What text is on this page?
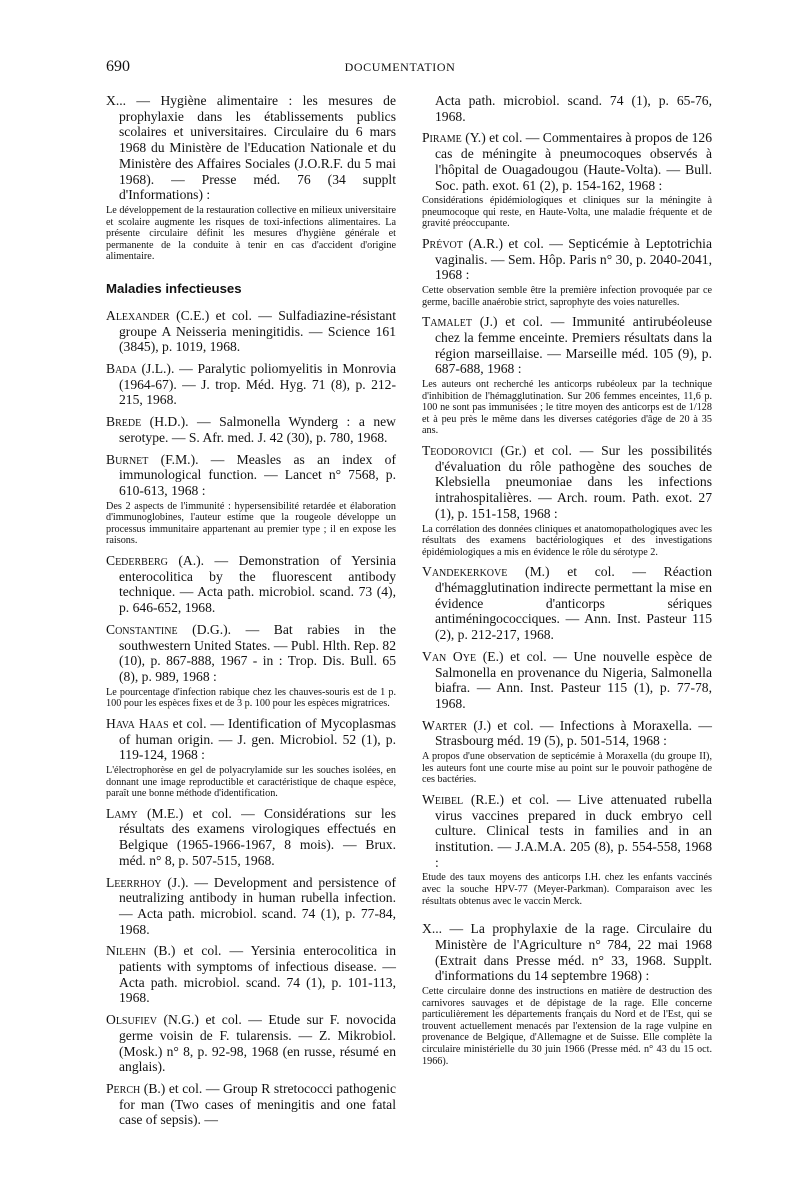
690	DOCUMENTATION

X... — Hygiène alimentaire : les mesures de prophylaxie dans les établissements publics scolaires et universitaires. Circulaire du 6 mars 1968 du Ministère de l'Education Nationale et du Ministère des Affaires Sociales (J.O.R.F. du 5 mai 1968). — Presse méd. 76 (34 supplt d'Informations) :

Le développement de la restauration collective en milieux universitaire et scolaire augmente les risques de toxi-infections alimentaires. La présente circulaire définit les mesures d'hygiène générale et permanente de la conduite à tenir en cas d'accident d'origine alimentaire.

Maladies infectieuses

Alexander (C.E.) et col. — Sulfadiazine-résistant groupe A Neisseria meningitidis. — Science 161 (3845), p. 1019, 1968.

Bada (J.L.). — Paralytic poliomyelitis in Monrovia (1964-67). — J. trop. Méd. Hyg. 71 (8), p. 212-215, 1968.

Brede (H.D.). — Salmonella Wynderg : a new serotype. — S. Afr. med. J. 42 (30), p. 780, 1968.

Burnet (F.M.). — Measles as an index of immunological function. — Lancet n° 7568, p. 610-613, 1968 :

Des 2 aspects de l'immunité : hypersensibilité retardée et élaboration d'immunoglobines, l'auteur estime que la rougeole développe un processus immunitaire appartenant au premier type ; il en expose les raisons.

Cederberg (A.). — Demonstration of Yersinia enterocolitica by the fluorescent antibody technique. — Acta path. microbiol. scand. 73 (4), p. 646-652, 1968.

Constantine (D.G.). — Bat rabies in the southwestern United States. — Publ. Hlth. Rep. 82 (10), p. 867-888, 1967 - in : Trop. Dis. Bull. 65 (8), p. 989, 1968 :

Le pourcentage d'infection rabique chez les chauves-souris est de 1 p. 100 pour les espèces fixes et de 3 p. 100 pour les espèces migratrices.

Hava Haas et col. — Identification of Mycoplasmas of human origin. — J. gen. Microbiol. 52 (1), p. 119-124, 1968 :

L'électrophorèse en gel de polyacrylamide sur les souches isolées, en donnant une image reproductible et caractéristique de chaque espèce, paraît une bonne méthode d'identification.

Lamy (M.E.) et col. — Considérations sur les résultats des examens virologiques effectués en Belgique (1965-1966-1967, 8 mois). — Brux. méd. n° 8, p. 507-515, 1968.

Leerrhoy (J.). — Development and persistence of neutralizing antibody in human rubella infection. — Acta path. microbiol. scand. 74 (1), p. 77-84, 1968.

Nilehn (B.) et col. — Yersinia enterocolitica in patients with symptoms of infectious disease. — Acta path. microbiol. scand. 74 (1), p. 101-113, 1968.

Olsufiev (N.G.) et col. — Etude sur F. novocida germe voisin de F. tularensis. — Z. Mikrobiol. (Mosk.) n° 8, p. 92-98, 1968 (en russe, résumé en anglais).

Perch (B.) et col. — Group R stretococci pathogenic for man (Two cases of meningitis and one fatal case of sepsis). —

Acta path. microbiol. scand. 74 (1), p. 65-76, 1968.

Pirame (Y.) et col. — Commentaires à propos de 126 cas de méningite à pneumocoques observés à l'hôpital de Ouagadougou (Haute-Volta). — Bull. Soc. path. exot. 61 (2), p. 154-162, 1968 :

Considérations épidémiologiques et cliniques sur la méningite à pneumocoque qui reste, en Haute-Volta, une maladie fréquente et de gravité préoccupante.

Prévot (A.R.) et col. — Septicémie à Leptotrichia vaginalis. — Sem. Hôp. Paris n° 30, p. 2040-2041, 1968 :

Cette observation semble être la première infection provoquée par ce germe, bacille anaérobie strict, saprophyte des voies naturelles.

Tamalet (J.) et col. — Immunité antirubéoleuse chez la femme enceinte. Premiers résultats dans la région marseillaise. — Marseille méd. 105 (9), p. 687-688, 1968 :

Les auteurs ont recherché les anticorps rubéoleux par la technique d'inhibition de l'hémagglutination. Sur 206 femmes enceintes, 11,6 p. 100 ne sont pas immunisées ; le titre moyen des anticorps est de 1/128 et à peu près le même dans les diverses catégories d'âge de 20 à 35 ans.

Teodorovici (Gr.) et col. — Sur les possibilités d'évaluation du rôle pathogène des souches de Klebsiella pneumoniae dans les infections intrahospitalières. — Arch. roum. Path. exot. 27 (1), p. 151-158, 1968 :

La corrélation des données cliniques et anatomopathologiques avec les résultats des examens bactériologiques et des investigations épidémiologiques a mis en évidence le rôle du sérotype 2.

Vandekerkove (M.) et col. — Réaction d'hémagglutination indirecte permettant la mise en évidence d'anticorps sériques antiméningococciques. — Ann. Inst. Pasteur 115 (2), p. 212-217, 1968.

Van Oye (E.) et col. — Une nouvelle espèce de Salmonella en provenance du Nigeria, Salmonella biafra. — Ann. Inst. Pasteur 115 (1), p. 77-78, 1968.

Warter (J.) et col. — Infections à Moraxella. — Strasbourg méd. 19 (5), p. 501-514, 1968 :

A propos d'une observation de septicémie à Moraxella (du groupe II), les auteurs font une courte mise au point sur le pouvoir pathogène de ces bactéries.

Weibel (R.E.) et col. — Live attenuated rubella virus vaccines prepared in duck embryo cell culture. Clinical tests in families and in an institution. — J.A.M.A. 205 (8), p. 554-558, 1968 :

Etude des taux moyens des anticorps I.H. chez les enfants vaccinés avec la souche HPV-77 (Meyer-Parkman). Comparaison avec les résultats obtenus avec le vaccin Merck.

X... — La prophylaxie de la rage. Circulaire du Ministère de l'Agriculture n° 784, 22 mai 1968 (Extrait dans Presse méd. n° 33, 1968. Supplt. d'informations du 14 septembre 1968) :

Cette circulaire donne des instructions en matière de destruction des carnivores sauvages et de dépistage de la rage. Elle concerne particulièrement les départements français du Nord et de l'Est, qui se trouvent actuellement menacés par l'extension de la rage vulpine en provenance de Belgique, d'Allemagne et de Suisse. Elle complète la circulaire ministérielle du 30 juin 1966 (Presse méd. n° 43 du 15 oct. 1966).
